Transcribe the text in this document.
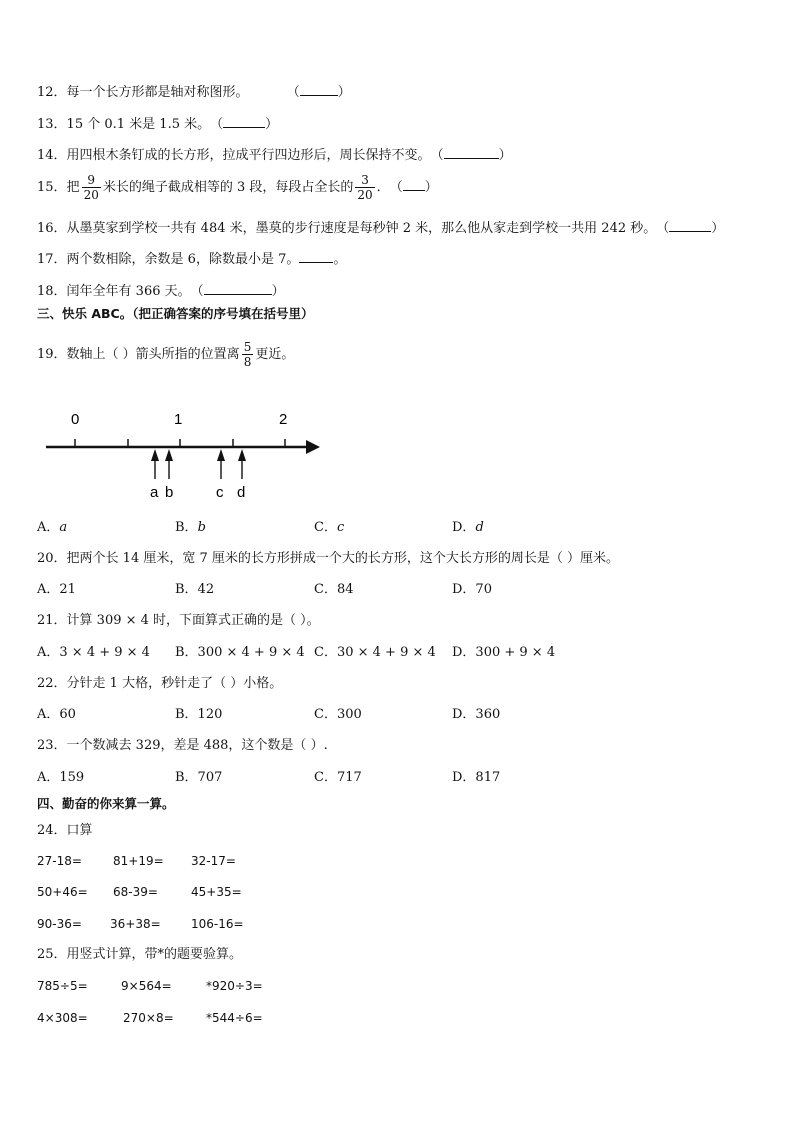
12．每一个长方形都是轴对称图形。	（	）
13．15 个 0.1 米是 1.5 米。（	）
14．用四根木条钉成的长方形，拉成平行四边形后，周长保持不变。（	）
15．把 $\frac{9}{20}$ 米长的绳子截成相等的 3 段，每段占全长的 $\frac{3}{20}$ ．（ ）
16．从墨莫家到学校一共有 484 米，墨莫的步行速度是每秒钟 2 米，那么他从家走到学校一共用 242 秒。（	）
17．两个数相除，余数是 6，除数最小是 7。	。
18．闰年全年有 366 天。（	）
三、快乐 ABC。（把正确答案的序号填在括号里）
19．数轴上（ ）箭头所指的位置离 $\frac{5}{8}$ 更近。
0	1	2
a b	c d
A．a	B．b	C．c	D．d
20．把两个长 14 厘米，宽 7 厘米的长方形拼成一个大的长方形，这个大长方形的周长是（ ）厘米。
A．21	B．42	C．84	D．70
21．计算 309 × 4 时，下面算式正确的是（ ）。
A．3 × 4 + 9 × 4 B．300 × 4 + 9 × 4 C．30 × 4 + 9 × 4 D．300 + 9 × 4
22．分针走 1 大格，秒针走了（ ）小格。
A．60	B．120	C．300	D．360
23．一个数减去 329，差是 488，这个数是（ ）.
A．159	B．707	C．717	D．817
四、勤奋的你来算一算。
24．口算
27-18=	81+19= 32-17=
50+46= 68-39=	45+35=
90-36= 36+38=	106-16=
25．用竖式计算，带*的题要验算。
785÷5=	9×564=	*920÷3=
4×308=	270×8=	*544÷6=
